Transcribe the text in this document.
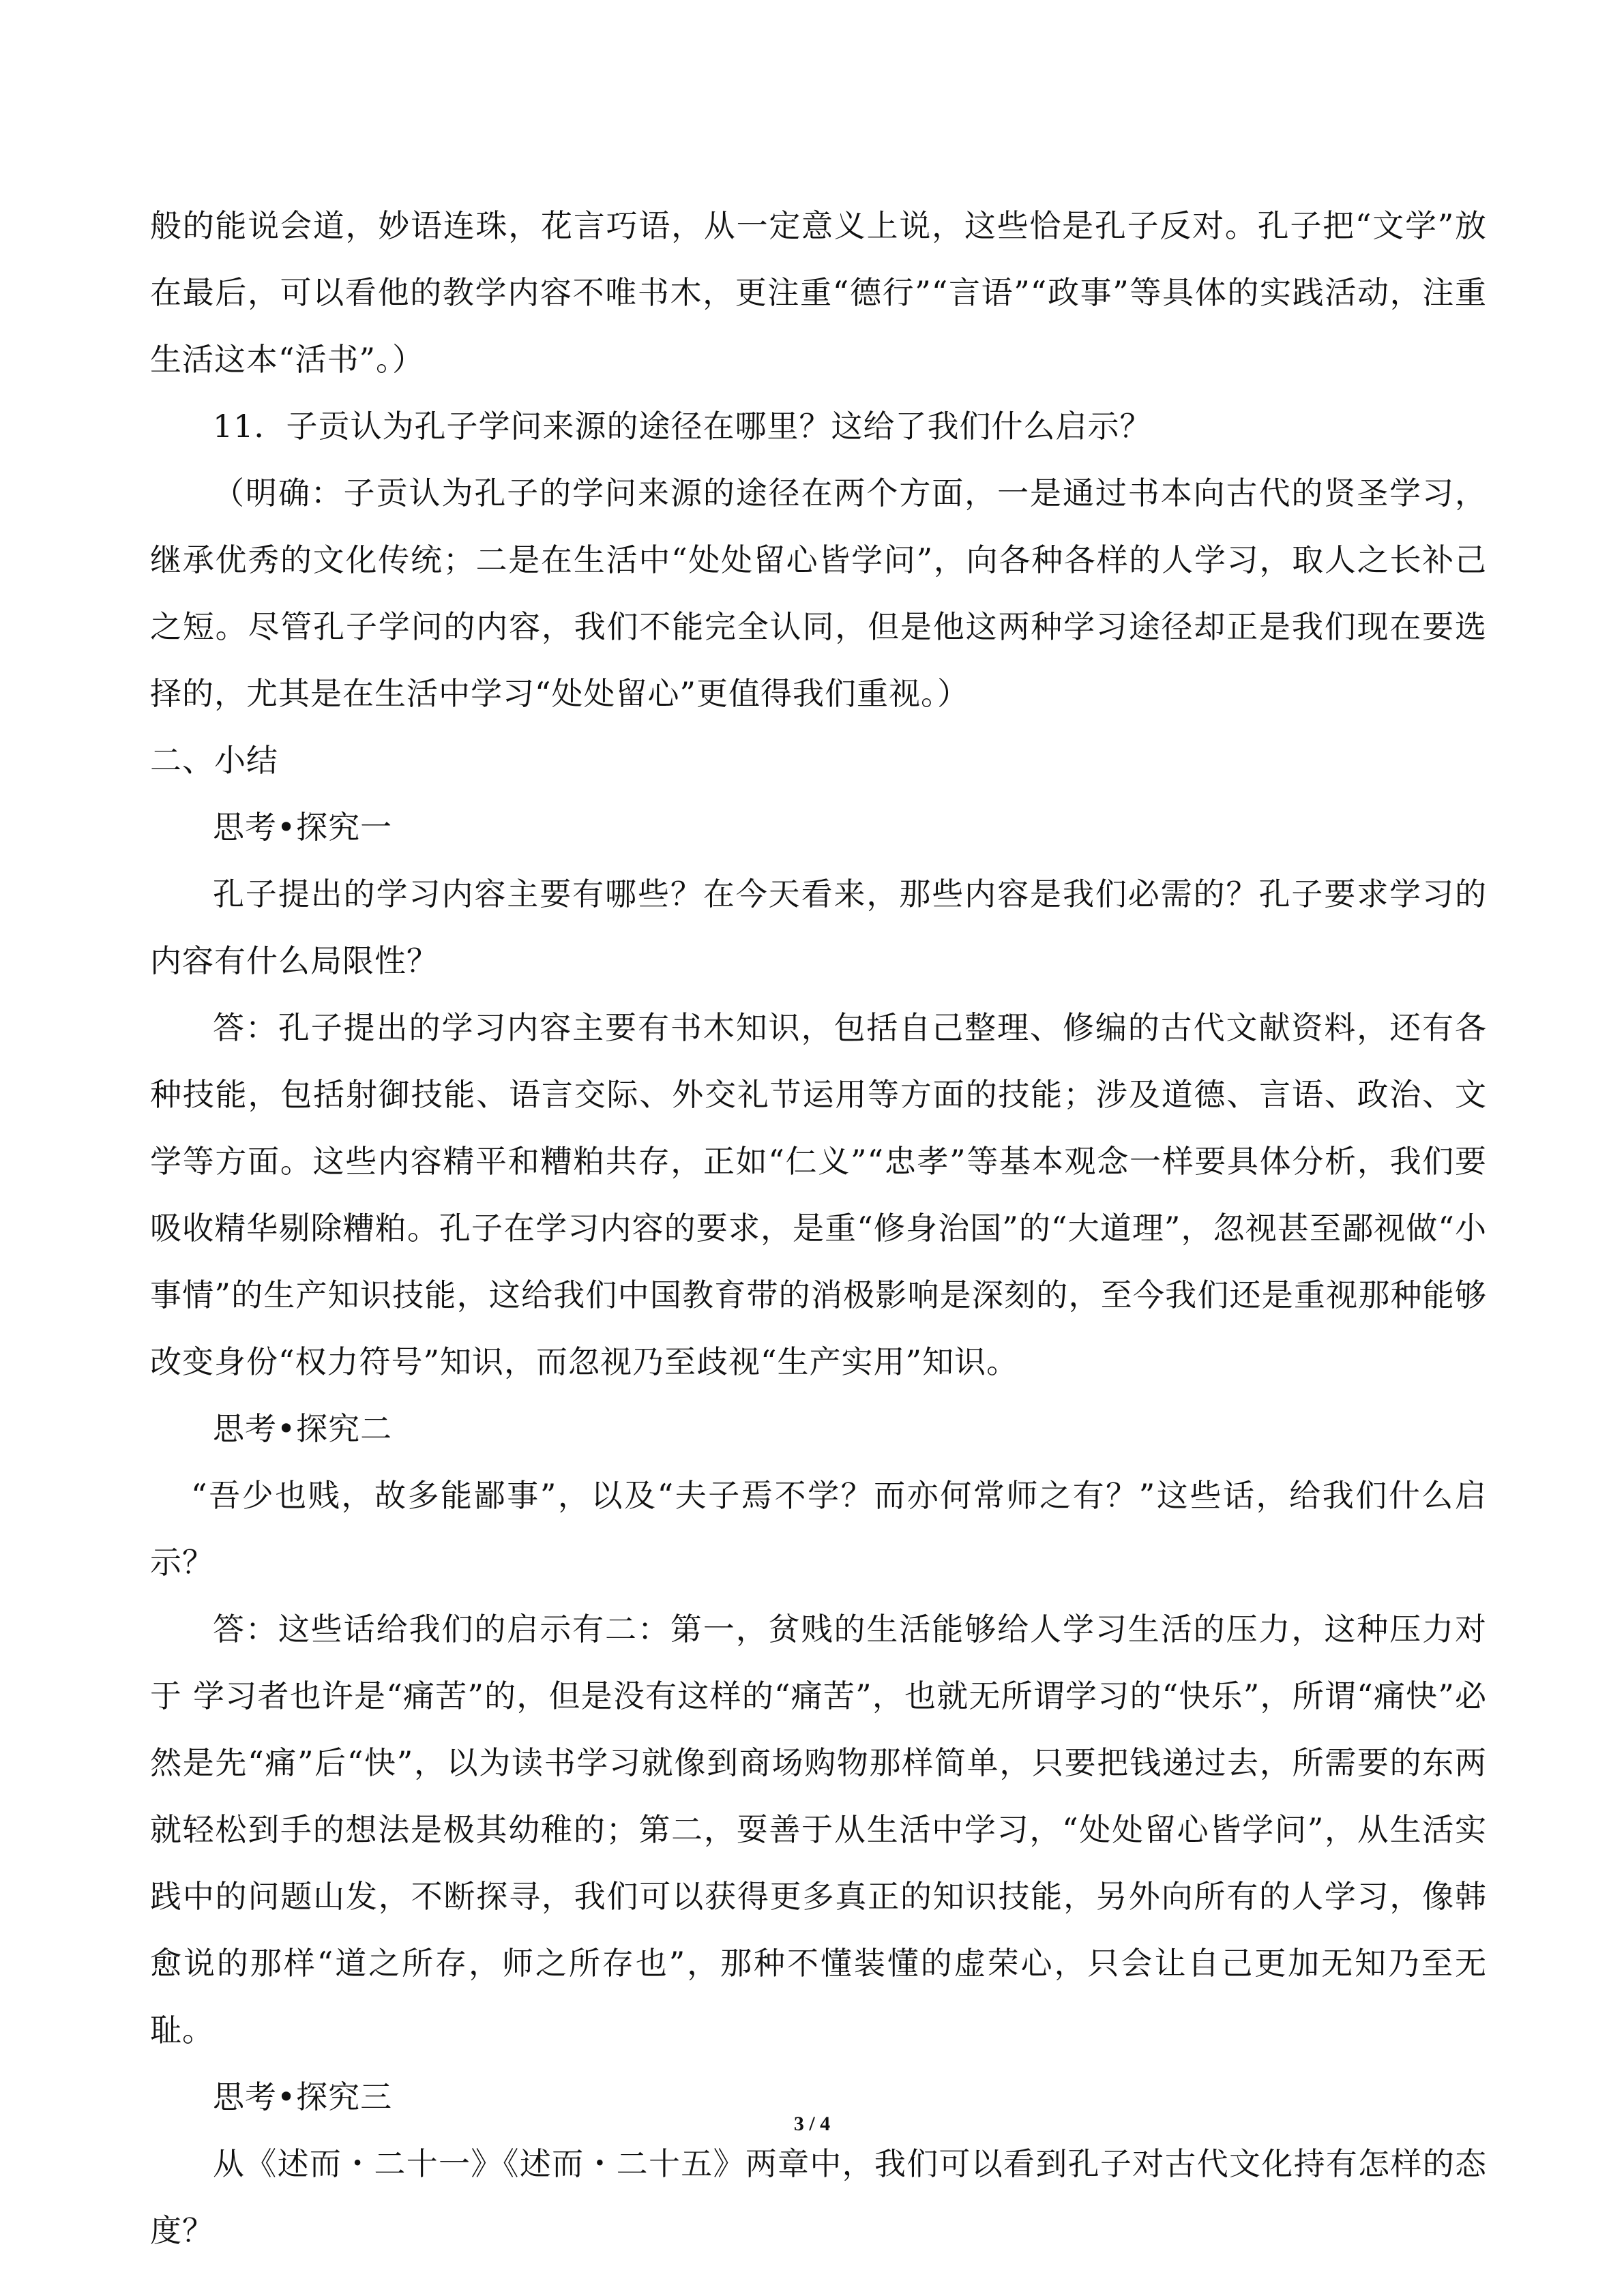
般的能说会道，妙语连珠，花言巧语，从一定意义上说，这些恰是孔子反对。孔子把“文学”放在最后，可以看他的教学内容不唯书木，更注重“德行”“言语”“政事”等具体的实践活动，注重生活这本“活书”。）

11．子贡认为孔子学问来源的途径在哪里？这给了我们什么启示？

（明确：子贡认为孔子的学问来源的途径在两个方面，一是通过书本向古代的贤圣学习，继承优秀的文化传统；二是在生活中“处处留心皆学问”，向各种各样的人学习，取人之长补己之短。尽管孔子学问的内容，我们不能完全认同，但是他这两种学习途径却正是我们现在要选择的，尤其是在生活中学习“处处留心”更值得我们重视。）

二、小结

思考•探究一

孔子提出的学习内容主要有哪些？在今天看来，那些内容是我们必需的？孔子要求学习的内容有什么局限性？

答：孔子提出的学习内容主要有书木知识，包括自己整理、修编的古代文献资料，还有各种技能，包括射御技能、语言交际、外交礼节运用等方面的技能；涉及道德、言语、政治、文学等方面。这些内容精平和糟粕共存，正如“仁义”“忠孝”等基本观念一样要具体分析，我们要吸收精华剔除糟粕。孔子在学习内容的要求，是重“修身治国”的“大道理”，忽视甚至鄙视做“小事情”的生产知识技能，这给我们中国教育带的消极影响是深刻的，至今我们还是重视那种能够改变身份“权力符号”知识，而忽视乃至歧视“生产实用”知识。

思考•探究二

“吾少也贱，故多能鄙事”，以及“夫子焉不学？而亦何常师之有？”这些话，给我们什么启示？

答：这些话给我们的启示有二：第一，贫贱的生活能够给人学习生活的压力，这种压力对于 学习者也许是“痛苦”的，但是没有这样的“痛苦”，也就无所谓学习的“快乐”，所谓“痛快”必然是先“痛”后“快”，以为读书学习就像到商场购物那样简单，只要把钱递过去，所需要的东两就轻松到手的想法是极其幼稚的；第二，耍善于从生活中学习，“处处留心皆学问”，从生活实践中的问题山发，不断探寻，我们可以获得更多真正的知识技能，另外向所有的人学习，像韩愈说的那样“道之所存，师之所存也”，那种不懂装懂的虚荣心，只会让自己更加无知乃至无耻。

思考•探究三

从《述而・二十一》《述而・二十五》两章中，我们可以看到孔子对古代文化持有怎样的态度？

3 / 4
